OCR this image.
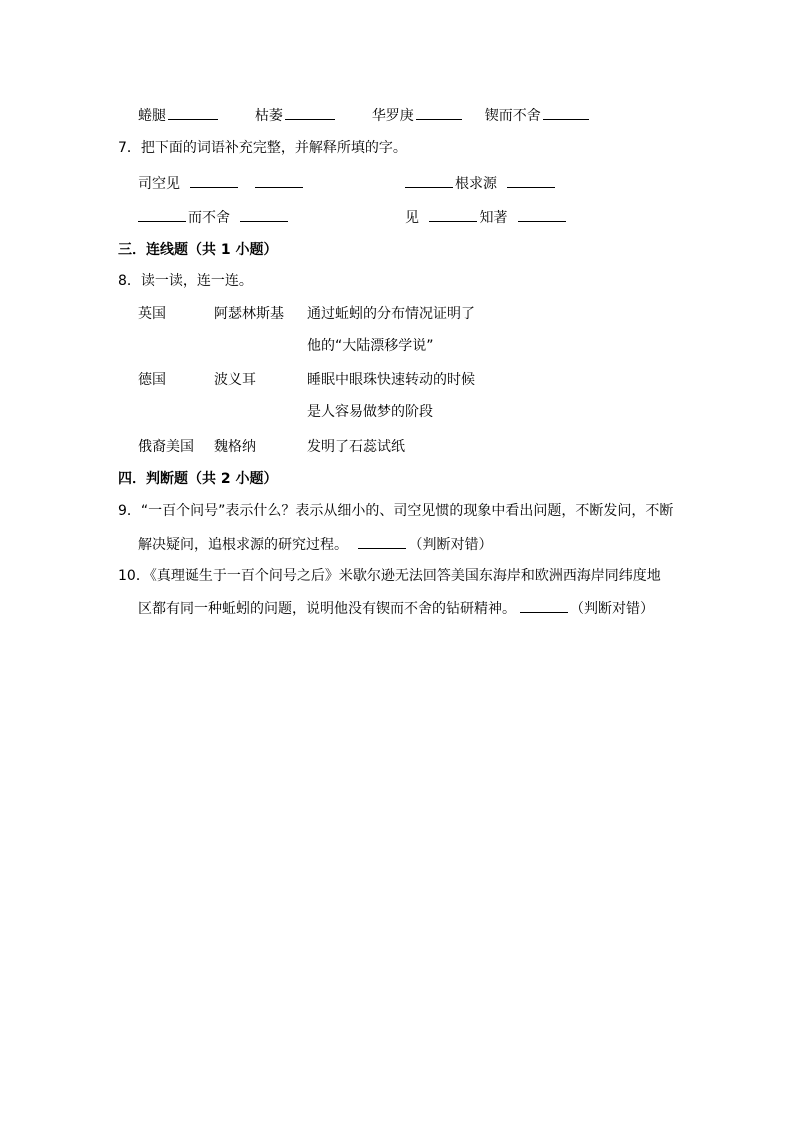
蜷腿	枯萎	华罗庚	锲而不舍
7．把下面的词语补充完整，并解释所填的字。
司空见	根求源
而不舍	见	知著
三．连线题（共 1 小题）
8．读一读，连一连。
英国	阿瑟林斯基 通过蚯蚓的分布情况证明了
他的“大陆漂移学说”
德国	波义耳	睡眠中眼珠快速转动的时候
是人容易做梦的阶段
俄裔美国 魏格纳	发明了石蕊试纸
四．判断题（共 2 小题）
9．“一百个问号”表示什么？表示从细小的、司空见惯的现象中看出问题，不断发问，不断
解决疑问，追根求源的研究过程。	（判断对错）
10．《真理诞生于一百个问号之后》米歇尔逊无法回答美国东海岸和欧洲西海岸同纬度地
区都有同一种蚯蚓的问题，说明他没有锲而不舍的钻研精神。	（判断对错）
